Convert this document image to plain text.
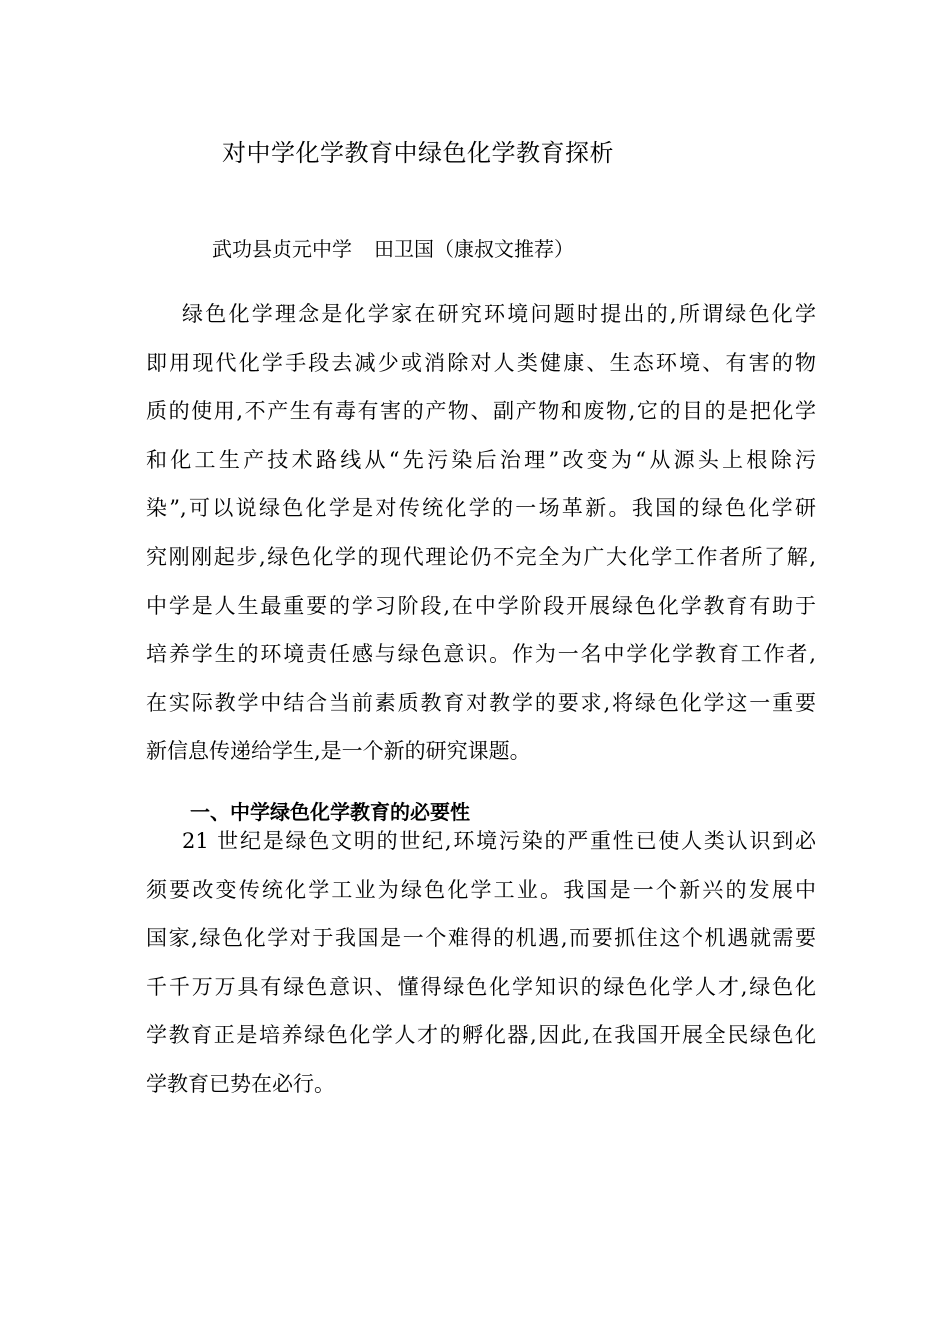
对中学化学教育中绿色化学教育探析
武功县贞元中学 田卫国（康叔文推荐）

绿色化学理念是化学家在研究环境问题时提出的,所谓绿色化学
即用现代化学手段去减少或消除对人类健康、生态环境、有害的物
质的使用,不产生有毒有害的产物、副产物和废物,它的目的是把化学
和化工生产技术路线从“先污染后治理”改变为“从源头上根除污
染”,可以说绿色化学是对传统化学的一场革新。我国的绿色化学研
究刚刚起步,绿色化学的现代理论仍不完全为广大化学工作者所了解,
中学是人生最重要的学习阶段,在中学阶段开展绿色化学教育有助于
培养学生的环境责任感与绿色意识。作为一名中学化学教育工作者,
在实际教学中结合当前素质教育对教学的要求,将绿色化学这一重要
新信息传递给学生,是一个新的研究课题。

一、中学绿色化学教育的必要性

21 世纪是绿色文明的世纪,环境污染的严重性已使人类认识到必
须要改变传统化学工业为绿色化学工业。我国是一个新兴的发展中
国家,绿色化学对于我国是一个难得的机遇,而要抓住这个机遇就需要
千千万万具有绿色意识、懂得绿色化学知识的绿色化学人才,绿色化
学教育正是培养绿色化学人才的孵化器,因此,在我国开展全民绿色化
学教育已势在必行。
